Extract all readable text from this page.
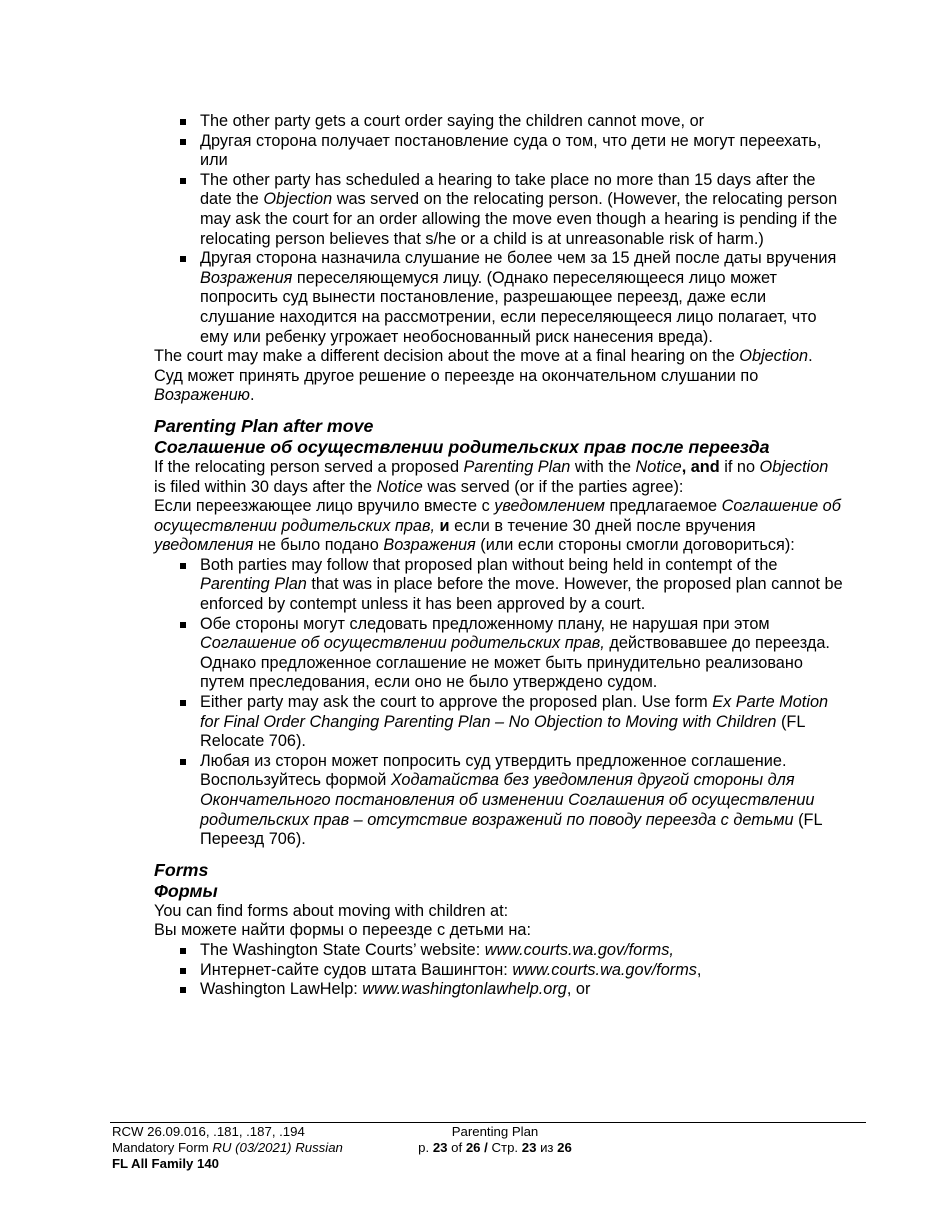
The other party gets a court order saying the children cannot move, or
Другая сторона получает постановление суда о том, что дети не могут переехать, или
The other party has scheduled a hearing to take place no more than 15 days after the date the Objection was served on the relocating person. (However, the relocating person may ask the court for an order allowing the move even though a hearing is pending if the relocating person believes that s/he or a child is at unreasonable risk of harm.)
Другая сторона назначила слушание не более чем за 15 дней после даты вручения Возражения переселяющемуся лицу. (Однако переселяющееся лицо может попросить суд вынести постановление, разрешающее переезд, даже если слушание находится на рассмотрении, если переселяющееся лицо полагает, что ему или ребенку угрожает необоснованный риск нанесения вреда).

The court may make a different decision about the move at a final hearing on the Objection.
Суд может принять другое решение о переезде на окончательном слушании по Возражению.

Parenting Plan after move

Соглашение об осуществлении родительских прав после переезда

If the relocating person served a proposed Parenting Plan with the Notice, and if no Objection is filed within 30 days after the Notice was served (or if the parties agree):
Если переезжающее лицо вручило вместе с уведомлением предлагаемое Соглашение об осуществлении родительских прав, и если в течение 30 дней после вручения уведомления не было подано Возражения (или если стороны смогли договориться):

Both parties may follow that proposed plan without being held in contempt of the Parenting Plan that was in place before the move. However, the proposed plan cannot be enforced by contempt unless it has been approved by a court.
Обе стороны могут следовать предложенному плану, не нарушая при этом Соглашение об осуществлении родительских прав, действовавшее до переезда. Однако предложенное соглашение не может быть принудительно реализовано путем преследования, если оно не было утверждено судом.
Either party may ask the court to approve the proposed plan. Use form Ex Parte Motion for Final Order Changing Parenting Plan – No Objection to Moving with Children (FL Relocate 706).
Любая из сторон может попросить суд утвердить предложенное соглашение. Воспользуйтесь формой Ходатайства без уведомления другой стороны для Окончательного постановления об изменении Соглашения об осуществлении родительских прав – отсутствие возражений по поводу переезда с детьми (FL Переезд 706).

Forms

Формы

You can find forms about moving with children at:
Вы можете найти формы о переезде с детьми на:

The Washington State Courts’ website: www.courts.wa.gov/forms,
Интернет-сайте судов штата Вашингтон: www.courts.wa.gov/forms,
Washington LawHelp: www.washingtonlawhelp.org, or
RCW 26.09.016, .181, .187, .194
Mandatory Form RU (03/2021) Russian
FL All Family 140
Parenting Plan
p. 23 of 26 / Стр. 23 из 26
